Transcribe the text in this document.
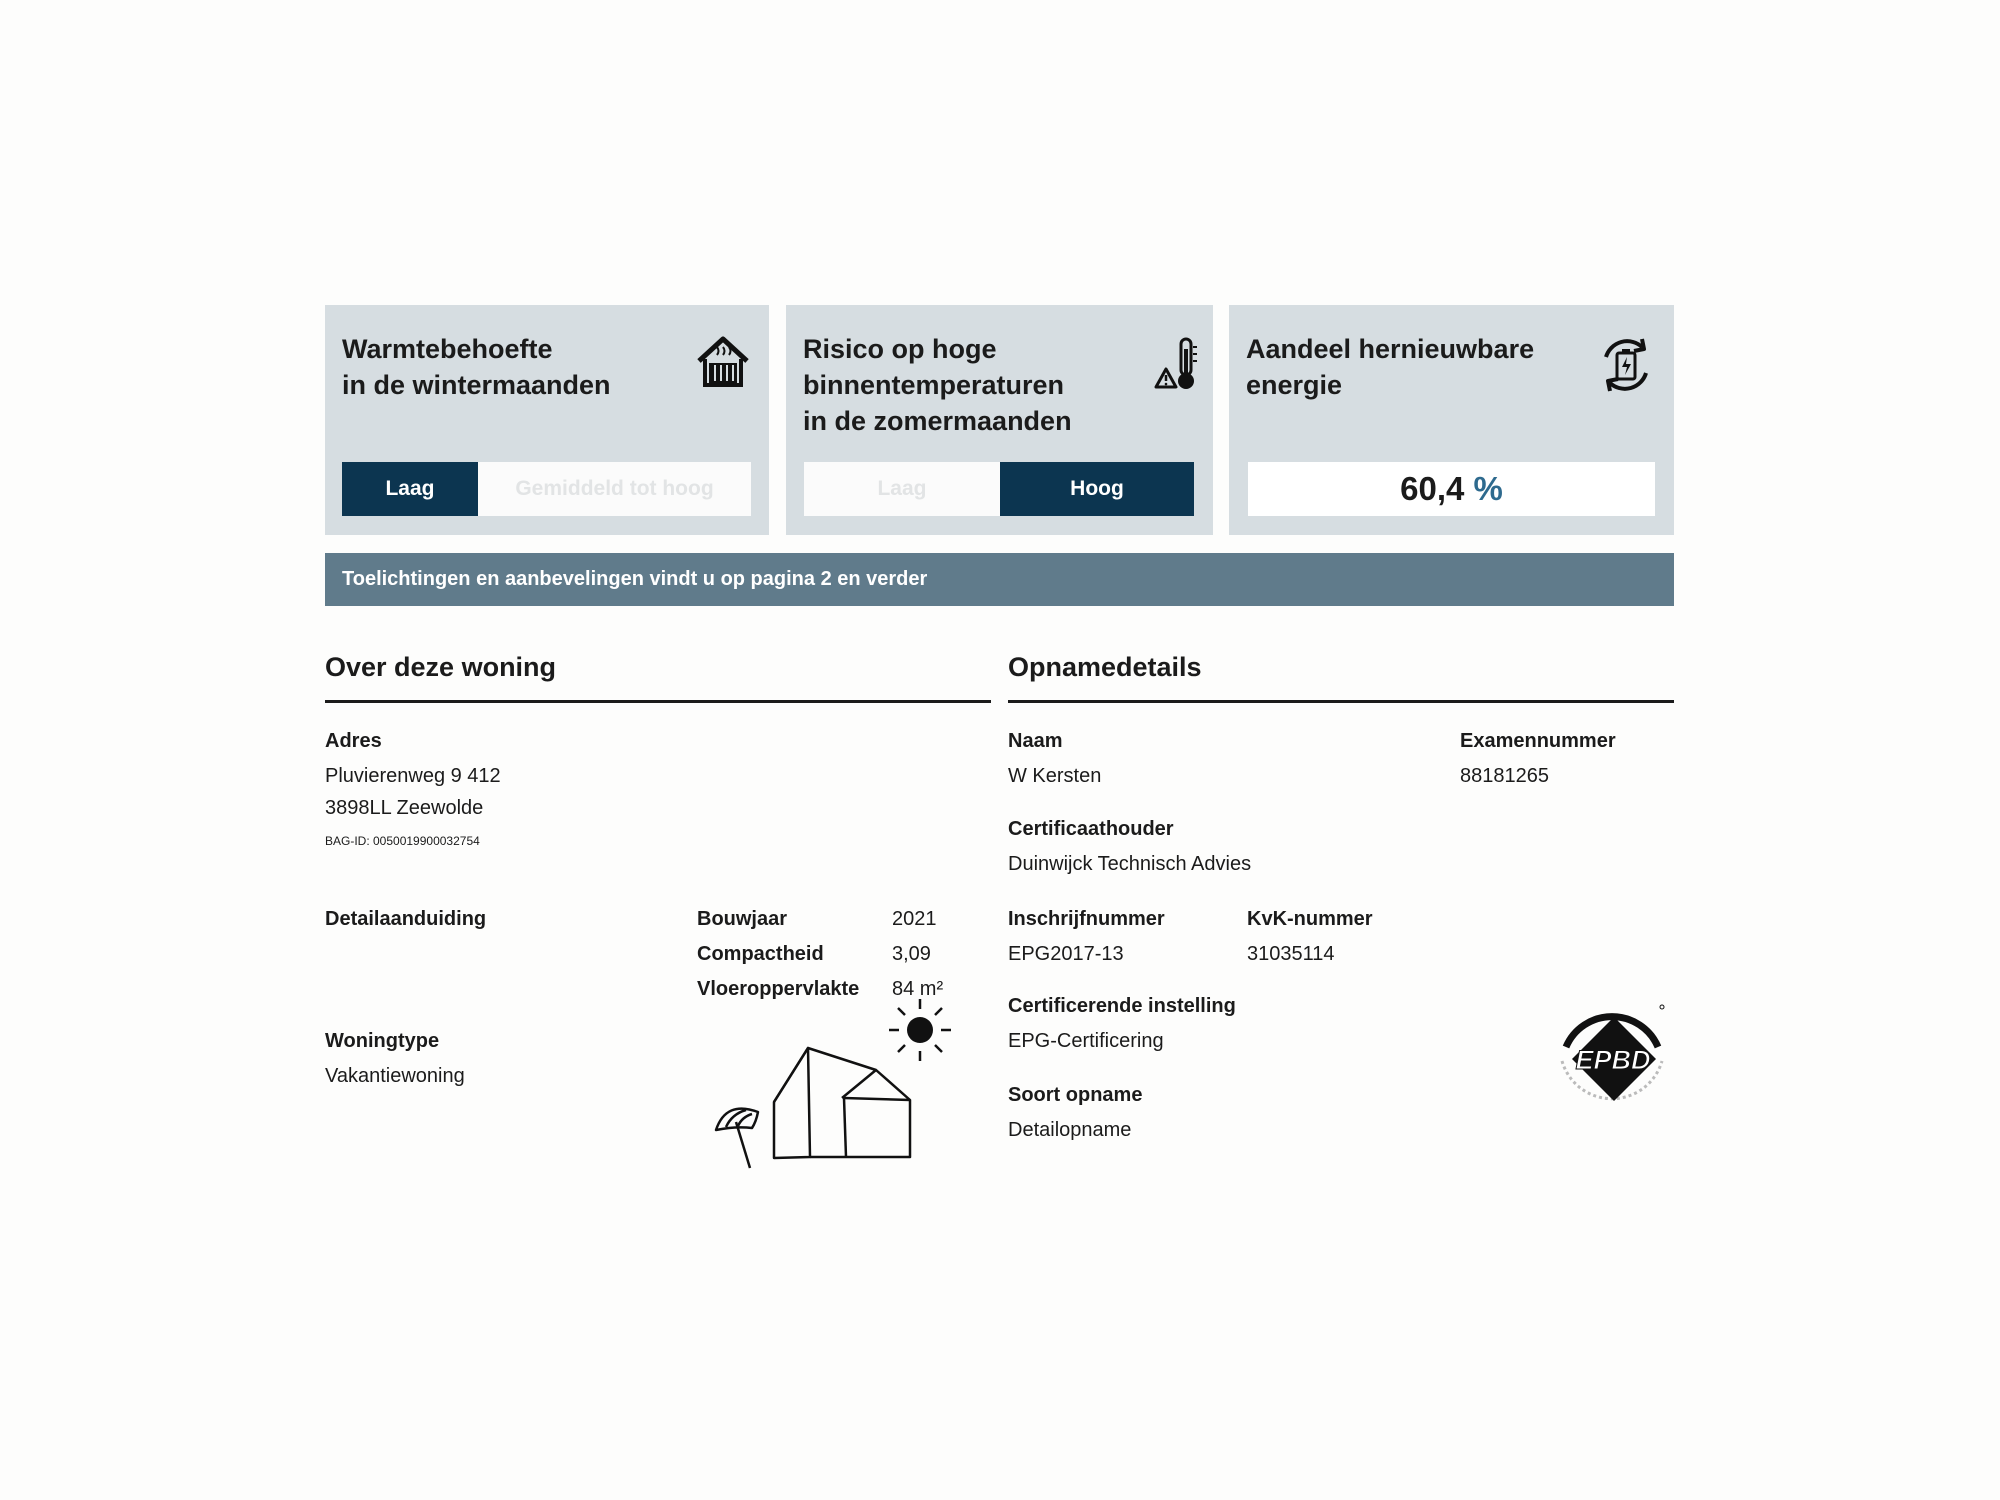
Warmtebehoefte
in de wintermaanden
Laag	Gemiddeld tot hoog
Risico op hoge
binnentemperaturen
in de zomermaanden
Laag	Hoog
Aandeel hernieuwbare
energie
60,4 %
Toelichtingen en aanbevelingen vindt u op pagina 2 en verder
Over deze woning
Adres
Pluvierenweg 9 412
3898LL Zeewolde
BAG-ID: 0050019900032754
Detailaanduiding	Bouwjaar	2021
Compactheid	3,09
Vloeroppervlakte 84 m²
Woningtype
Vakantiewoning
Opnamedetails
Naam
W Kersten
Examennummer
88181265
Certificaathouder
Duinwijck Technisch Advies
Inschrijfnummer
EPG2017-13
KvK-nummer
31035114
Certificerende instelling
EPG-Certificering
Soort opname
Detailopname
EPBD
